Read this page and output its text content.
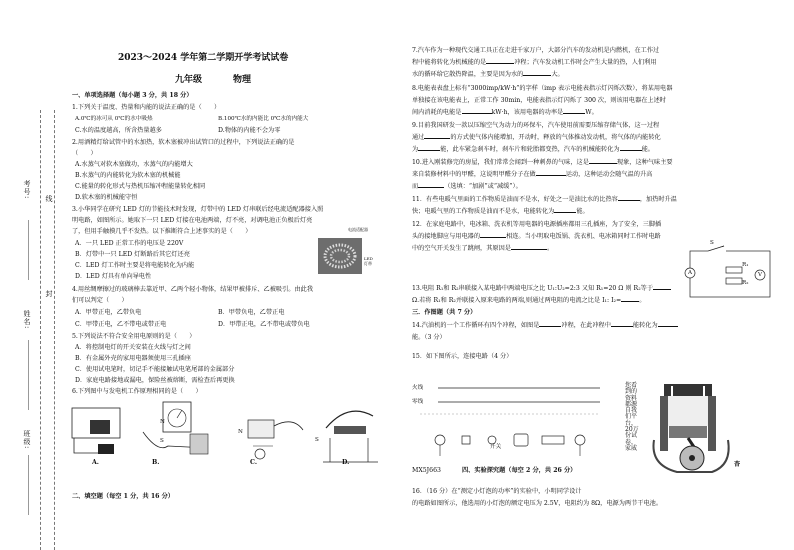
考号: 线
封
姓名:
班级:
2023～2024 学年第二学期开学考试试卷
九年级	物理
一、单项选择题（每小题 3 分，共 18 分）
1.下列关于温度、热量和内能的说法正确的是（　　）
A.0℃的冰可从 0℃的水中吸热	B.100℃水的内能比 0℃水的内能大
C.水的温度越高，所含热量越多	D.物体的内能不会为零
2.用酒精灯给试管中的水加热，软木塞被冲出试管口的过程中，下列说法正确的是
（　　）
A.水蒸气对软木塞做功，水蒸气的内能增大
B.水蒸气的内能转化为软木塞的机械能
C.能量的转化形式与热机压缩冲程能量转化相同
D.软木塞的机械能守恒
3.小华同学在研究 LED 灯的节能技术时发现，灯带中的 LED 灯串联后经电流适配器接入照
明电路，如图所示。她取下一只 LED 灯接在电池两端，灯不亮，对调电池正负极后灯亮
了，但用手触摸几乎不发热。以下推断符合上述事实的是（　　）
A．一只 LED 正常工作的电压是 220V
B．灯带中一只 LED 灯断路后其它灯还亮
C．LED 灯工作时主要是将电能转化为内能
D．LED 灯具有单向导电性
电流适配器
LED 灯带
4.用丝绸摩擦过的玻璃棒去靠近甲、乙两个轻小物体，结果甲被排斥、乙被吸引。由此我
们可以判定（　　）
A．甲带正电，乙带负电	B．甲带负电，乙带正电
C．甲带正电，乙不带电或带正电	D．甲带正电，乙不带电或带负电
5.下列说法不符合安全用电原则的是（　　）
A．将控制电灯的开关安装在火线与灯之间
B．有金属外壳的家用电器须使用三孔插座
C．使用试电笔时，切记手不能接触试电笔尾部的金属部分
D．家庭电路接地或漏电，保险丝被熔断，需检查后再更换
6.下列图中与发电机工作原理相同的是（　　）
A.	B.	C.	D.
N
S
N
S
二、填空题（每空 1 分，共 16 分）
7.汽车作为一种现代交通工具正在走进千家万户，大部分汽车的发动机是内燃机，在工作过
程中能将转化为机械能的是	冲程；汽车发动机工作时会产生大量的热，人们利用
水的循环给它散热降温，主要是因为水的	大。
8.电能表表盘上标有“3000imp/kW·h”的字样（imp 表示电能表指示灯闪烁次数），将某用电器
单独接在该电能表上，正常工作 30min，电能表指示灯闪烁了 300 次，则该用电器在上述时
间内消耗的电能是	kW·h，该用电器的功率是	W。
9.目前我国研发一款以压缩空气为动力的环保车，汽车使用前需要压缩存储气体，这一过程
通过	的方式使气体内能增加，开动时，释放的气体推动发动机，将气体的内能转化
为	能，此车紧急刹车时，刹车片和轮胎都变热，汽车的机械能转化为	能。
10.进入刚装修完的房屋，我们常常会闻到一种刺鼻的气味，这是	现象，这种气味主要
来自装修材料中的甲醛，这说明甲醛分子在做	运动，这种运动会随气温的升高
而	（选填：“加剧”或“减缓”）。
11．有些电暖气里面的工作物质是油而不是水，好处之一是油比水的比热容	，加热时升温
快；电暖气里的工作物质是油而不是水，电能转化为	能。
12．在家庭电路中，电冰箱、洗衣机等用电器的电源插座都用三孔插座，为了安全，三脚插
头的接地脚应与用电器的	相连。当小明取电饭锅、洗衣机、电冰箱同时工作时电路
中的空气开关发生了跳闸，其原因是	。
S
A	V
R₁
R₂
13.电阻 R₁和 R₂串联接入某电路中两端电压之比 U₁:U₂=2:3 又知 R₁=20 Ω 则 R₂等于
Ω.若将 R₁和 R₂并联接入原来电路的两端,则通过两电阻的电流之比是 I₁: I₂=	。
三．作图题（共 7 分）
14.汽油机的一个工作循环有四个冲程，如图是	冲程，在此冲程中	能转化为
能。（3 分）
15．如下图所示，连接电路（4 分）
火线
零线
开关
您看到的资料都源自我们平台，20万份试卷，家威
杳
MX5J663	四、实验探究题（每空 2 分，共 26 分）
16．（16 分）在“测定小灯泡的功率”的实验中，小明同学设计
的电路如图所示，他选用的小灯泡的额定电压为 2.5V，电阻约为 8Ω，电源为两节干电池。
